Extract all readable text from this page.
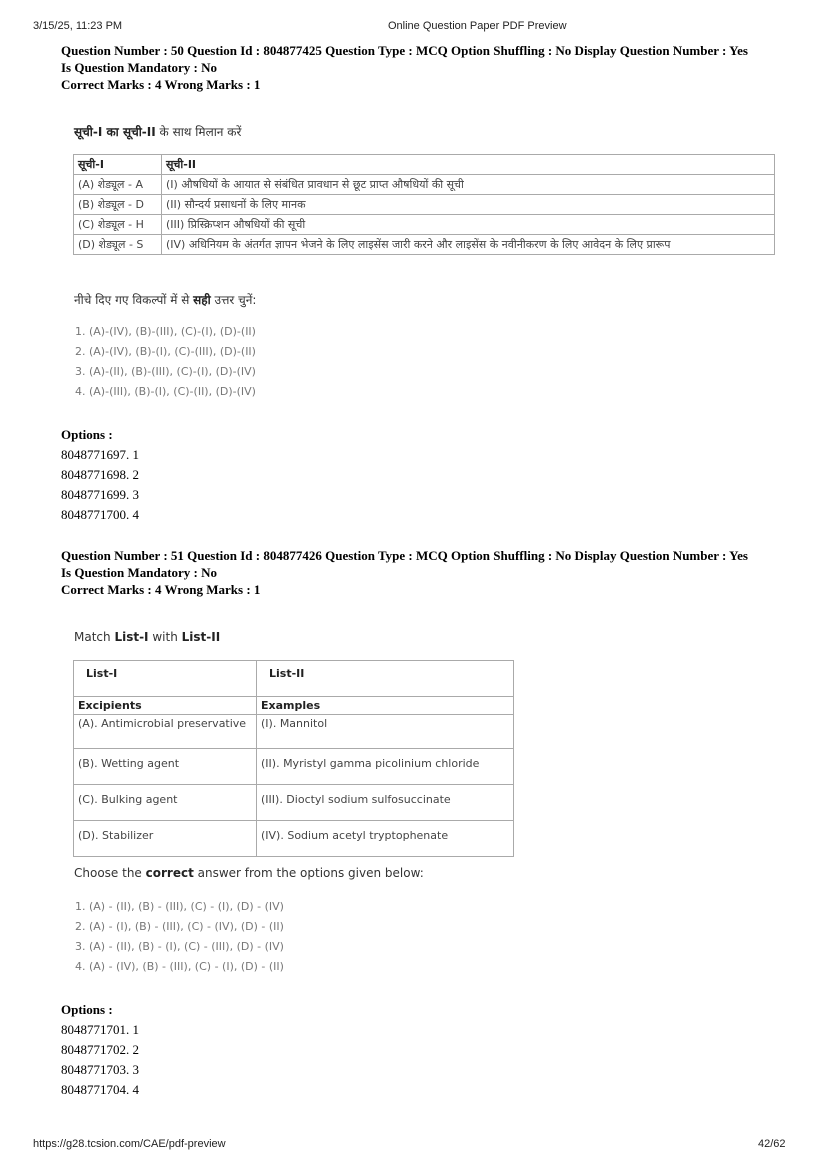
3/15/25, 11:23 PM	Online Question Paper PDF Preview
Question Number : 50 Question Id : 804877425 Question Type : MCQ Option Shuffling : No Display Question Number : Yes
Is Question Mandatory : No
Correct Marks : 4 Wrong Marks : 1
सूची-I का सूची-II के साथ मिलान करें
सूची-I	सूची-II
(A) शेड्यूल - A	(I) औषधियों के आयात से संबंधित प्रावधान से छूट प्राप्त औषधियों की सूची
(B) शेड्यूल - D	(II) सौन्दर्य प्रसाधनों के लिए मानक
(C) शेड्यूल - H	(III) प्रिस्क्रिप्शन औषधियों की सूची
(D) शेड्यूल - S	(IV) अधिनियम के अंतर्गत ज्ञापन भेजने के लिए लाइसेंस जारी करने और लाइसेंस के नवीनीकरण के लिए आवेदन के लिए प्रारूप
नीचे दिए गए विकल्पों में से सही उत्तर चुनें:
1. (A)-(IV), (B)-(III), (C)-(I), (D)-(II)
2. (A)-(IV), (B)-(I), (C)-(III), (D)-(II)
3. (A)-(II), (B)-(III), (C)-(I), (D)-(IV)
4. (A)-(III), (B)-(I), (C)-(II), (D)-(IV)
Options :
8048771697. 1
8048771698. 2
8048771699. 3
8048771700. 4
Question Number : 51 Question Id : 804877426 Question Type : MCQ Option Shuffling : No Display Question Number : Yes
Is Question Mandatory : No
Correct Marks : 4 Wrong Marks : 1
Match List-I with List-II
List-I	List-II
Excipients	Examples
(A). Antimicrobial preservative	(I). Mannitol
(B). Wetting agent	(II). Myristyl gamma picolinium chloride
(C). Bulking agent	(III). Dioctyl sodium sulfosuccinate
(D). Stabilizer	(IV). Sodium acetyl tryptophenate
Choose the correct answer from the options given below:
1. (A) - (II), (B) - (III), (C) - (I), (D) - (IV)
2. (A) - (I), (B) - (III), (C) - (IV), (D) - (II)
3. (A) - (II), (B) - (I), (C) - (III), (D) - (IV)
4. (A) - (IV), (B) - (III), (C) - (I), (D) - (II)
Options :
8048771701. 1
8048771702. 2
8048771703. 3
8048771704. 4
https://g28.tcsion.com/CAE/pdf-preview	42/62
